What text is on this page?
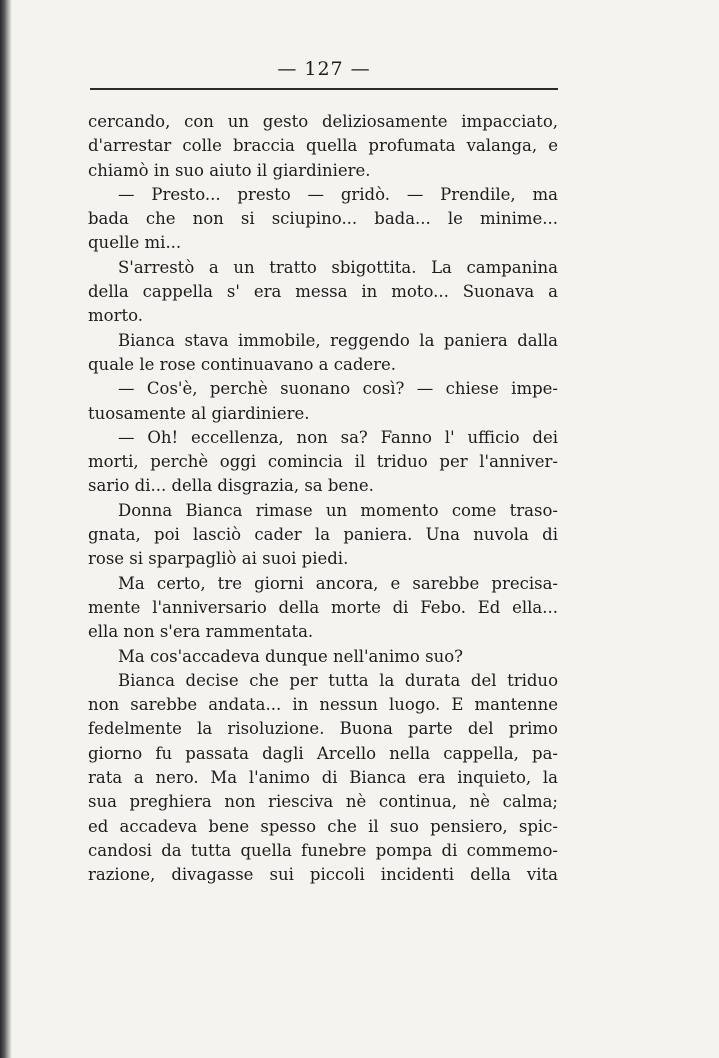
— 127 —
cercando, con un gesto deliziosamente impacciato,
d'arrestar colle braccia quella profumata valanga, e
chiamò in suo aiuto il giardiniere.
— Presto... presto — gridò. — Prendile, ma
bada che non si sciupino... bada... le minime...
quelle mi...
S'arrestò a un tratto sbigottita. La campanina
della cappella s' era messa in moto... Suonava a
morto.
Bianca stava immobile, reggendo la paniera dalla
quale le rose continuavano a cadere.
— Cos'è, perchè suonano così? — chiese impe-
tuosamente al giardiniere.
— Oh! eccellenza, non sa? Fanno l' ufficio dei
morti, perchè oggi comincia il triduo per l'anniver-
sario di... della disgrazia, sa bene.
Donna Bianca rimase un momento come traso-
gnata, poi lasciò cader la paniera. Una nuvola di
rose si sparpagliò ai suoi piedi.
Ma certo, tre giorni ancora, e sarebbe precisa-
mente l'anniversario della morte di Febo. Ed ella...
ella non s'era rammentata.
Ma cos'accadeva dunque nell'animo suo?
Bianca decise che per tutta la durata del triduo
non sarebbe andata... in nessun luogo. E mantenne
fedelmente la risoluzione. Buona parte del primo
giorno fu passata dagli Arcello nella cappella, pa-
rata a nero. Ma l'animo di Bianca era inquieto, la
sua preghiera non riesciva nè continua, nè calma;
ed accadeva bene spesso che il suo pensiero, spic-
candosi da tutta quella funebre pompa di commemo-
razione, divagasse sui piccoli incidenti della vita
